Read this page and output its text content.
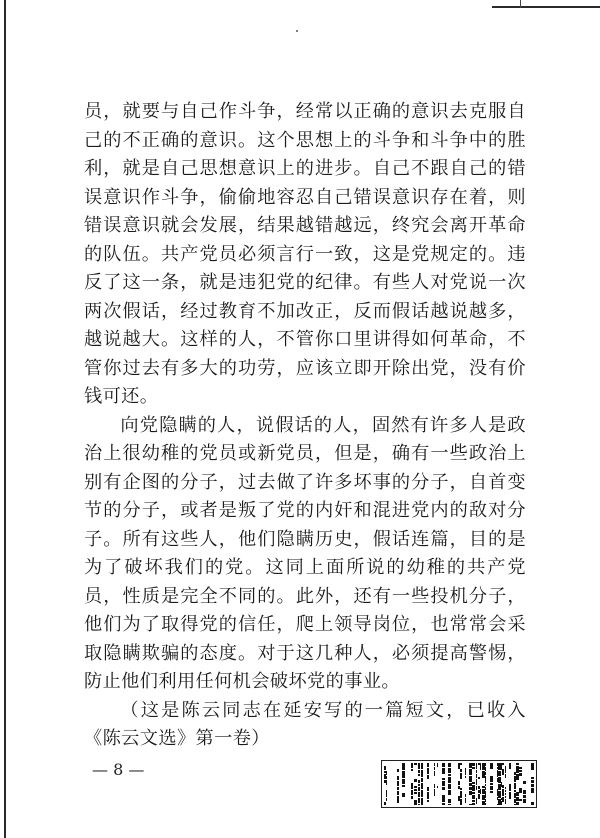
员，就要与自己作斗争，经常以正确的意识去克服自己的不正确的意识。这个思想上的斗争和斗争中的胜利，就是自己思想意识上的进步。自己不跟自己的错误意识作斗争，偷偷地容忍自己错误意识存在着，则错误意识就会发展，结果越错越远，终究会离开革命的队伍。共产党员必须言行一致，这是党规定的。违反了这一条，就是违犯党的纪律。有些人对党说一次两次假话，经过教育不加改正，反而假话越说越多，越说越大。这样的人，不管你口里讲得如何革命，不管你过去有多大的功劳，应该立即开除出党，没有价钱可还。

向党隐瞒的人，说假话的人，固然有许多人是政治上很幼稚的党员或新党员，但是，确有一些政治上别有企图的分子，过去做了许多坏事的分子，自首变节的分子，或者是叛了党的内奸和混进党内的敌对分子。所有这些人，他们隐瞒历史，假话连篇，目的是为了破坏我们的党。这同上面所说的幼稚的共产党员，性质是完全不同的。此外，还有一些投机分子，他们为了取得党的信任，爬上领导岗位，也常常会采取隐瞒欺骗的态度。对于这几种人，必须提高警惕，防止他们利用任何机会破坏党的事业。

（这是陈云同志在延安写的一篇短文，已收入《陈云文选》第一卷）

— 8 —
